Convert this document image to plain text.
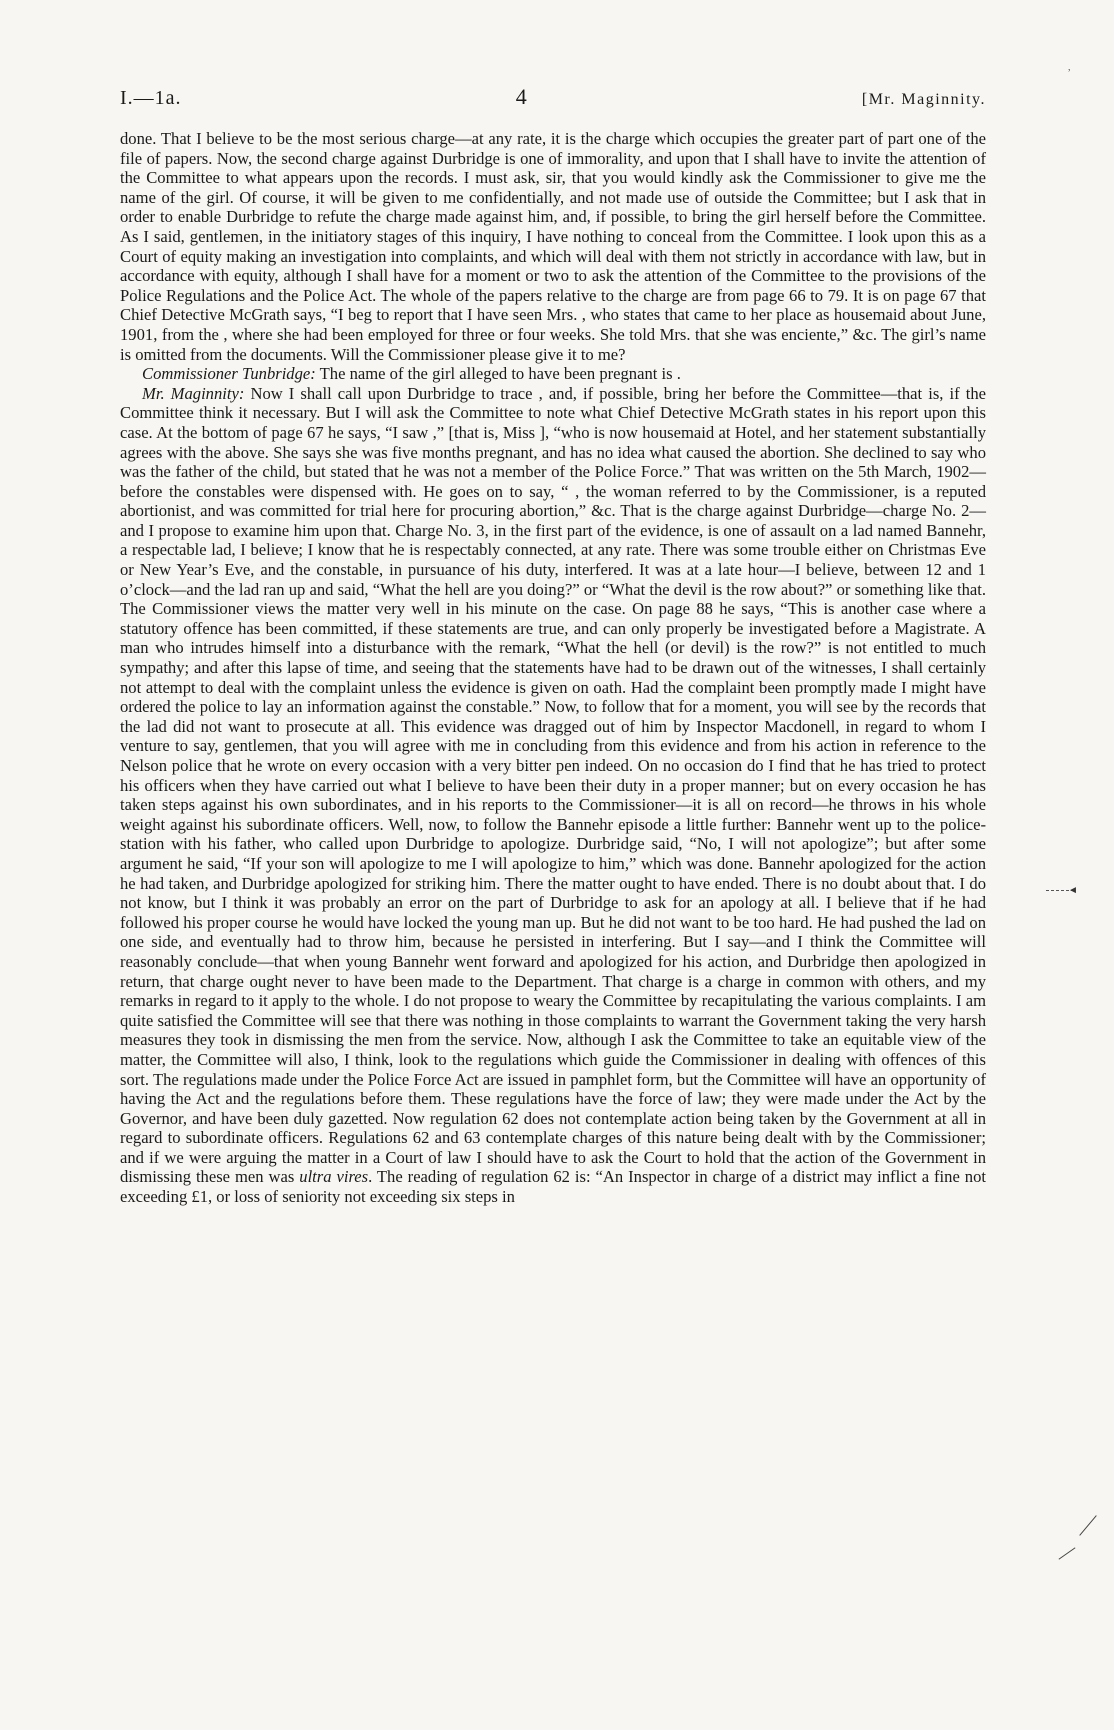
I.—1a.	4	[Mr. Maginnity.

done. That I believe to be the most serious charge—at any rate, it is the charge which occupies the greater part of part one of the file of papers. Now, the second charge against Durbridge is one of immorality, and upon that I shall have to invite the attention of the Committee to what appears upon the records. I must ask, sir, that you would kindly ask the Commissioner to give me the name of the girl. Of course, it will be given to me confidentially, and not made use of outside the Committee; but I ask that in order to enable Durbridge to refute the charge made against him, and, if possible, to bring the girl herself before the Committee. As I said, gentlemen, in the initiatory stages of this inquiry, I have nothing to conceal from the Committee. I look upon this as a Court of equity making an investigation into complaints, and which will deal with them not strictly in accordance with law, but in accordance with equity, although I shall have for a moment or two to ask the attention of the Committee to the provisions of the Police Regulations and the Police Act. The whole of the papers relative to the charge are from page 66 to 79. It is on page 67 that Chief Detective McGrath says, “I beg to report that I have seen Mrs. , who states that came to her place as housemaid about June, 1901, from the , where she had been employed for three or four weeks. She told Mrs. that she was enciente,” &c. The girl’s name is omitted from the documents. Will the Commissioner please give it to me?

Commissioner Tunbridge: The name of the girl alleged to have been pregnant is .

Mr. Maginnity: Now I shall call upon Durbridge to trace , and, if possible, bring her before the Committee—that is, if the Committee think it necessary. But I will ask the Committee to note what Chief Detective McGrath states in his report upon this case. At the bottom of page 67 he says, “I saw ,” [that is, Miss ], “who is now housemaid at Hotel, and her statement substantially agrees with the above. She says she was five months pregnant, and has no idea what caused the abortion. She declined to say who was the father of the child, but stated that he was not a member of the Police Force.” That was written on the 5th March, 1902—before the constables were dispensed with. He goes on to say, “ , the woman referred to by the Commissioner, is a reputed abortionist, and was committed for trial here for procuring abortion,” &c. That is the charge against Durbridge—charge No. 2—and I propose to examine him upon that. Charge No. 3, in the first part of the evidence, is one of assault on a lad named Bannehr, a respectable lad, I believe; I know that he is respectably connected, at any rate. There was some trouble either on Christmas Eve or New Year’s Eve, and the constable, in pursuance of his duty, interfered. It was at a late hour—I believe, between 12 and 1 o’clock—and the lad ran up and said, “What the hell are you doing?” or “What the devil is the row about?” or something like that. The Commissioner views the matter very well in his minute on the case. On page 88 he says, “This is another case where a statutory offence has been committed, if these statements are true, and can only properly be investigated before a Magistrate. A man who intrudes himself into a disturbance with the remark, “What the hell (or devil) is the row?” is not entitled to much sympathy; and after this lapse of time, and seeing that the statements have had to be drawn out of the witnesses, I shall certainly not attempt to deal with the complaint unless the evidence is given on oath. Had the complaint been promptly made I might have ordered the police to lay an information against the constable.” Now, to follow that for a moment, you will see by the records that the lad did not want to prosecute at all. This evidence was dragged out of him by Inspector Macdonell, in regard to whom I venture to say, gentlemen, that you will agree with me in concluding from this evidence and from his action in reference to the Nelson police that he wrote on every occasion with a very bitter pen indeed. On no occasion do I find that he has tried to protect his officers when they have carried out what I believe to have been their duty in a proper manner; but on every occasion he has taken steps against his own subordinates, and in his reports to the Commissioner—it is all on record—he throws in his whole weight against his subordinate officers. Well, now, to follow the Bannehr episode a little further: Bannehr went up to the police-station with his father, who called upon Durbridge to apologize. Durbridge said, “No, I will not apologize”; but after some argument he said, “If your son will apologize to me I will apologize to him,” which was done. Bannehr apologized for the action he had taken, and Durbridge apologized for striking him. There the matter ought to have ended. There is no doubt about that. I do not know, but I think it was probably an error on the part of Durbridge to ask for an apology at all. I believe that if he had followed his proper course he would have locked the young man up. But he did not want to be too hard. He had pushed the lad on one side, and eventually had to throw him, because he persisted in interfering. But I say—and I think the Committee will reasonably conclude—that when young Bannehr went forward and apologized for his action, and Durbridge then apologized in return, that charge ought never to have been made to the Department. That charge is a charge in common with others, and my remarks in regard to it apply to the whole. I do not propose to weary the Committee by recapitulating the various complaints. I am quite satisfied the Committee will see that there was nothing in those complaints to warrant the Government taking the very harsh measures they took in dismissing the men from the service. Now, although I ask the Committee to take an equitable view of the matter, the Committee will also, I think, look to the regulations which guide the Commissioner in dealing with offences of this sort. The regulations made under the Police Force Act are issued in pamphlet form, but the Committee will have an opportunity of having the Act and the regulations before them. These regulations have the force of law; they were made under the Act by the Governor, and have been duly gazetted. Now regulation 62 does not contemplate action being taken by the Government at all in regard to subordinate officers. Regulations 62 and 63 contemplate charges of this nature being dealt with by the Commissioner; and if we were arguing the matter in a Court of law I should have to ask the Court to hold that the action of the Government in dismissing these men was ultra vires. The reading of regulation 62 is: “An Inspector in charge of a district may inflict a fine not exceeding £1, or loss of seniority not exceeding six steps in

,
◄
